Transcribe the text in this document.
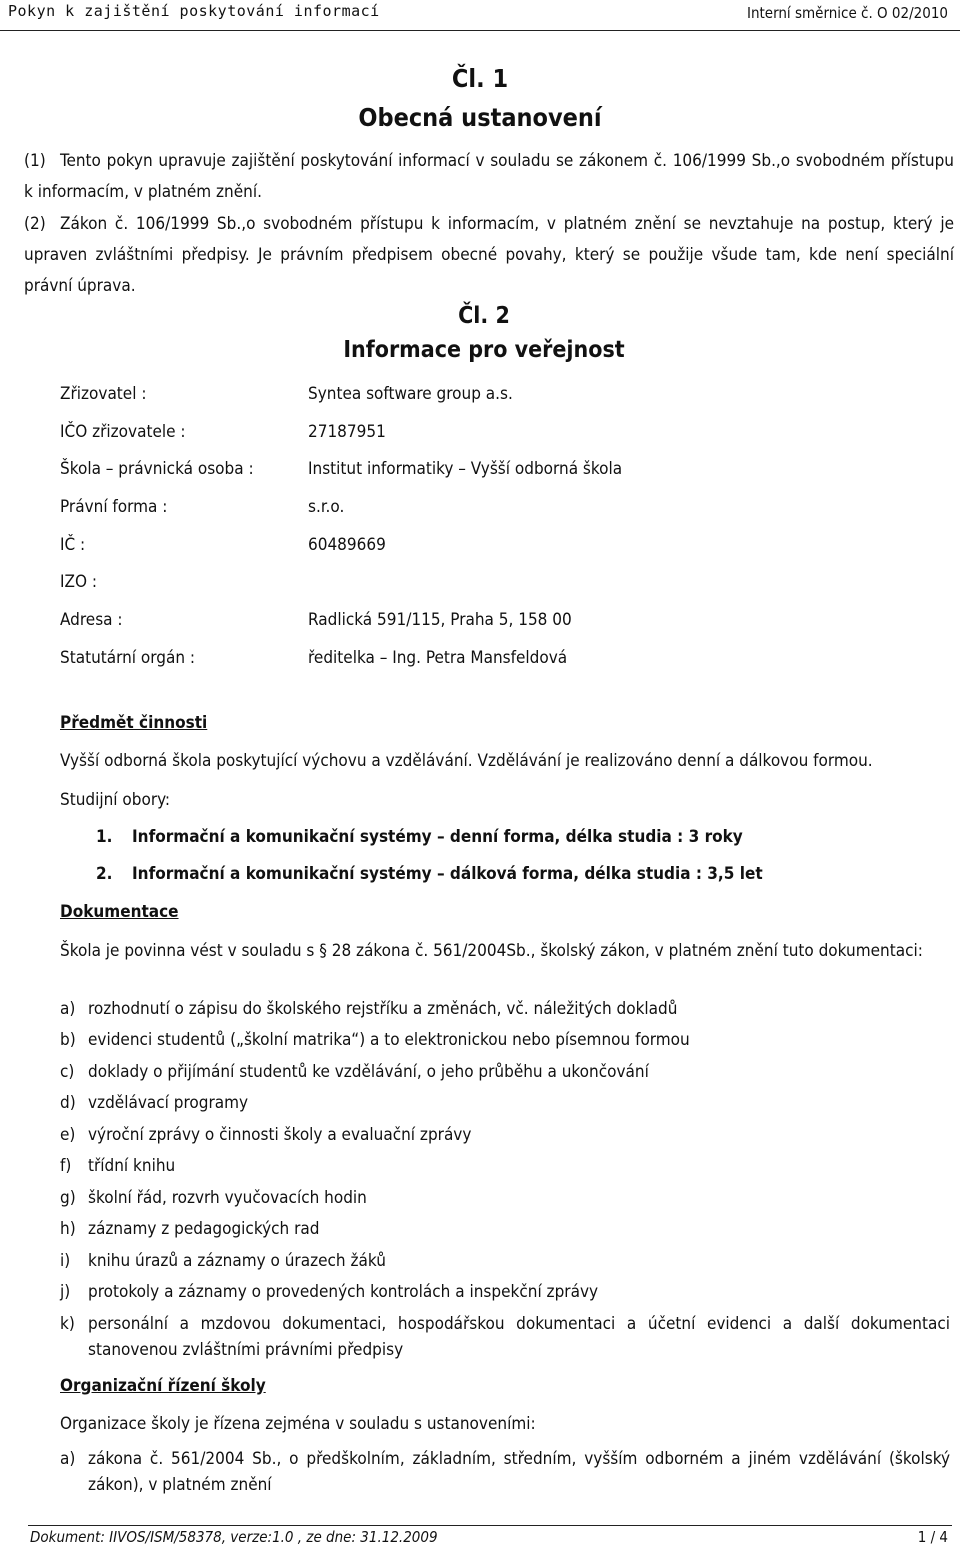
Pokyn k zajištění poskytování informací	Interní směrnice č. O 02/2010
Čl. 1
Obecná ustanovení
(1) Tento pokyn upravuje zajištění poskytování informací v souladu se zákonem č. 106/1999 Sb.,o svobodném přístupu k informacím, v platném znění.
(2) Zákon č. 106/1999 Sb.,o svobodném přístupu k informacím, v platném znění se nevztahuje na postup, který je upraven zvláštními předpisy. Je právním předpisem obecné povahy, který se použije všude tam, kde není speciální právní úprava.
Čl. 2
Informace pro veřejnost
Zřizovatel :	Syntea software group a.s.
IČO zřizovatele :	27187951
Škola – právnická osoba :	Institut informatiky – Vyšší odborná škola
Právní forma :	s.r.o.
IČ :	60489669
IZO :
Adresa :	Radlická 591/115, Praha 5, 158 00
Statutární orgán :	ředitelka – Ing. Petra Mansfeldová
Předmět činnosti
Vyšší odborná škola poskytující výchovu a vzdělávání. Vzdělávání je realizováno denní a dálkovou formou.
Studijní obory:
1. Informační a komunikační systémy – denní forma, délka studia : 3 roky
2. Informační a komunikační systémy – dálková forma, délka studia : 3,5 let
Dokumentace
Škola je povinna vést v souladu s § 28 zákona č. 561/2004Sb., školský zákon, v platném znění tuto dokumentaci:
a) rozhodnutí o zápisu do školského rejstříku a změnách, vč. náležitých dokladů
b) evidenci studentů („školní matrika“) a to elektronickou nebo písemnou formou
c) doklady o přijímání studentů ke vzdělávání, o jeho průběhu a ukončování
d) vzdělávací programy
e) výroční zprávy o činnosti školy a evaluační zprávy
f) třídní knihu
g) školní řád, rozvrh vyučovacích hodin
h) záznamy z pedagogických rad
i) knihu úrazů a záznamy o úrazech žáků
j) protokoly a záznamy o provedených kontrolách a inspekční zprávy
k) personální a mzdovou dokumentaci, hospodářskou dokumentaci a účetní evidenci a další dokumentaci stanovenou zvláštními právními předpisy
Organizační řízení školy
Organizace školy je řízena zejména v souladu s ustanoveními:
a) zákona č. 561/2004 Sb., o předškolním, základním, středním, vyšším odborném a jiném vzdělávání (školský zákon), v platném znění
Dokument: IIVOS/ISM/58378, verze:1.0 , ze dne: 31.12.2009	1 / 4
